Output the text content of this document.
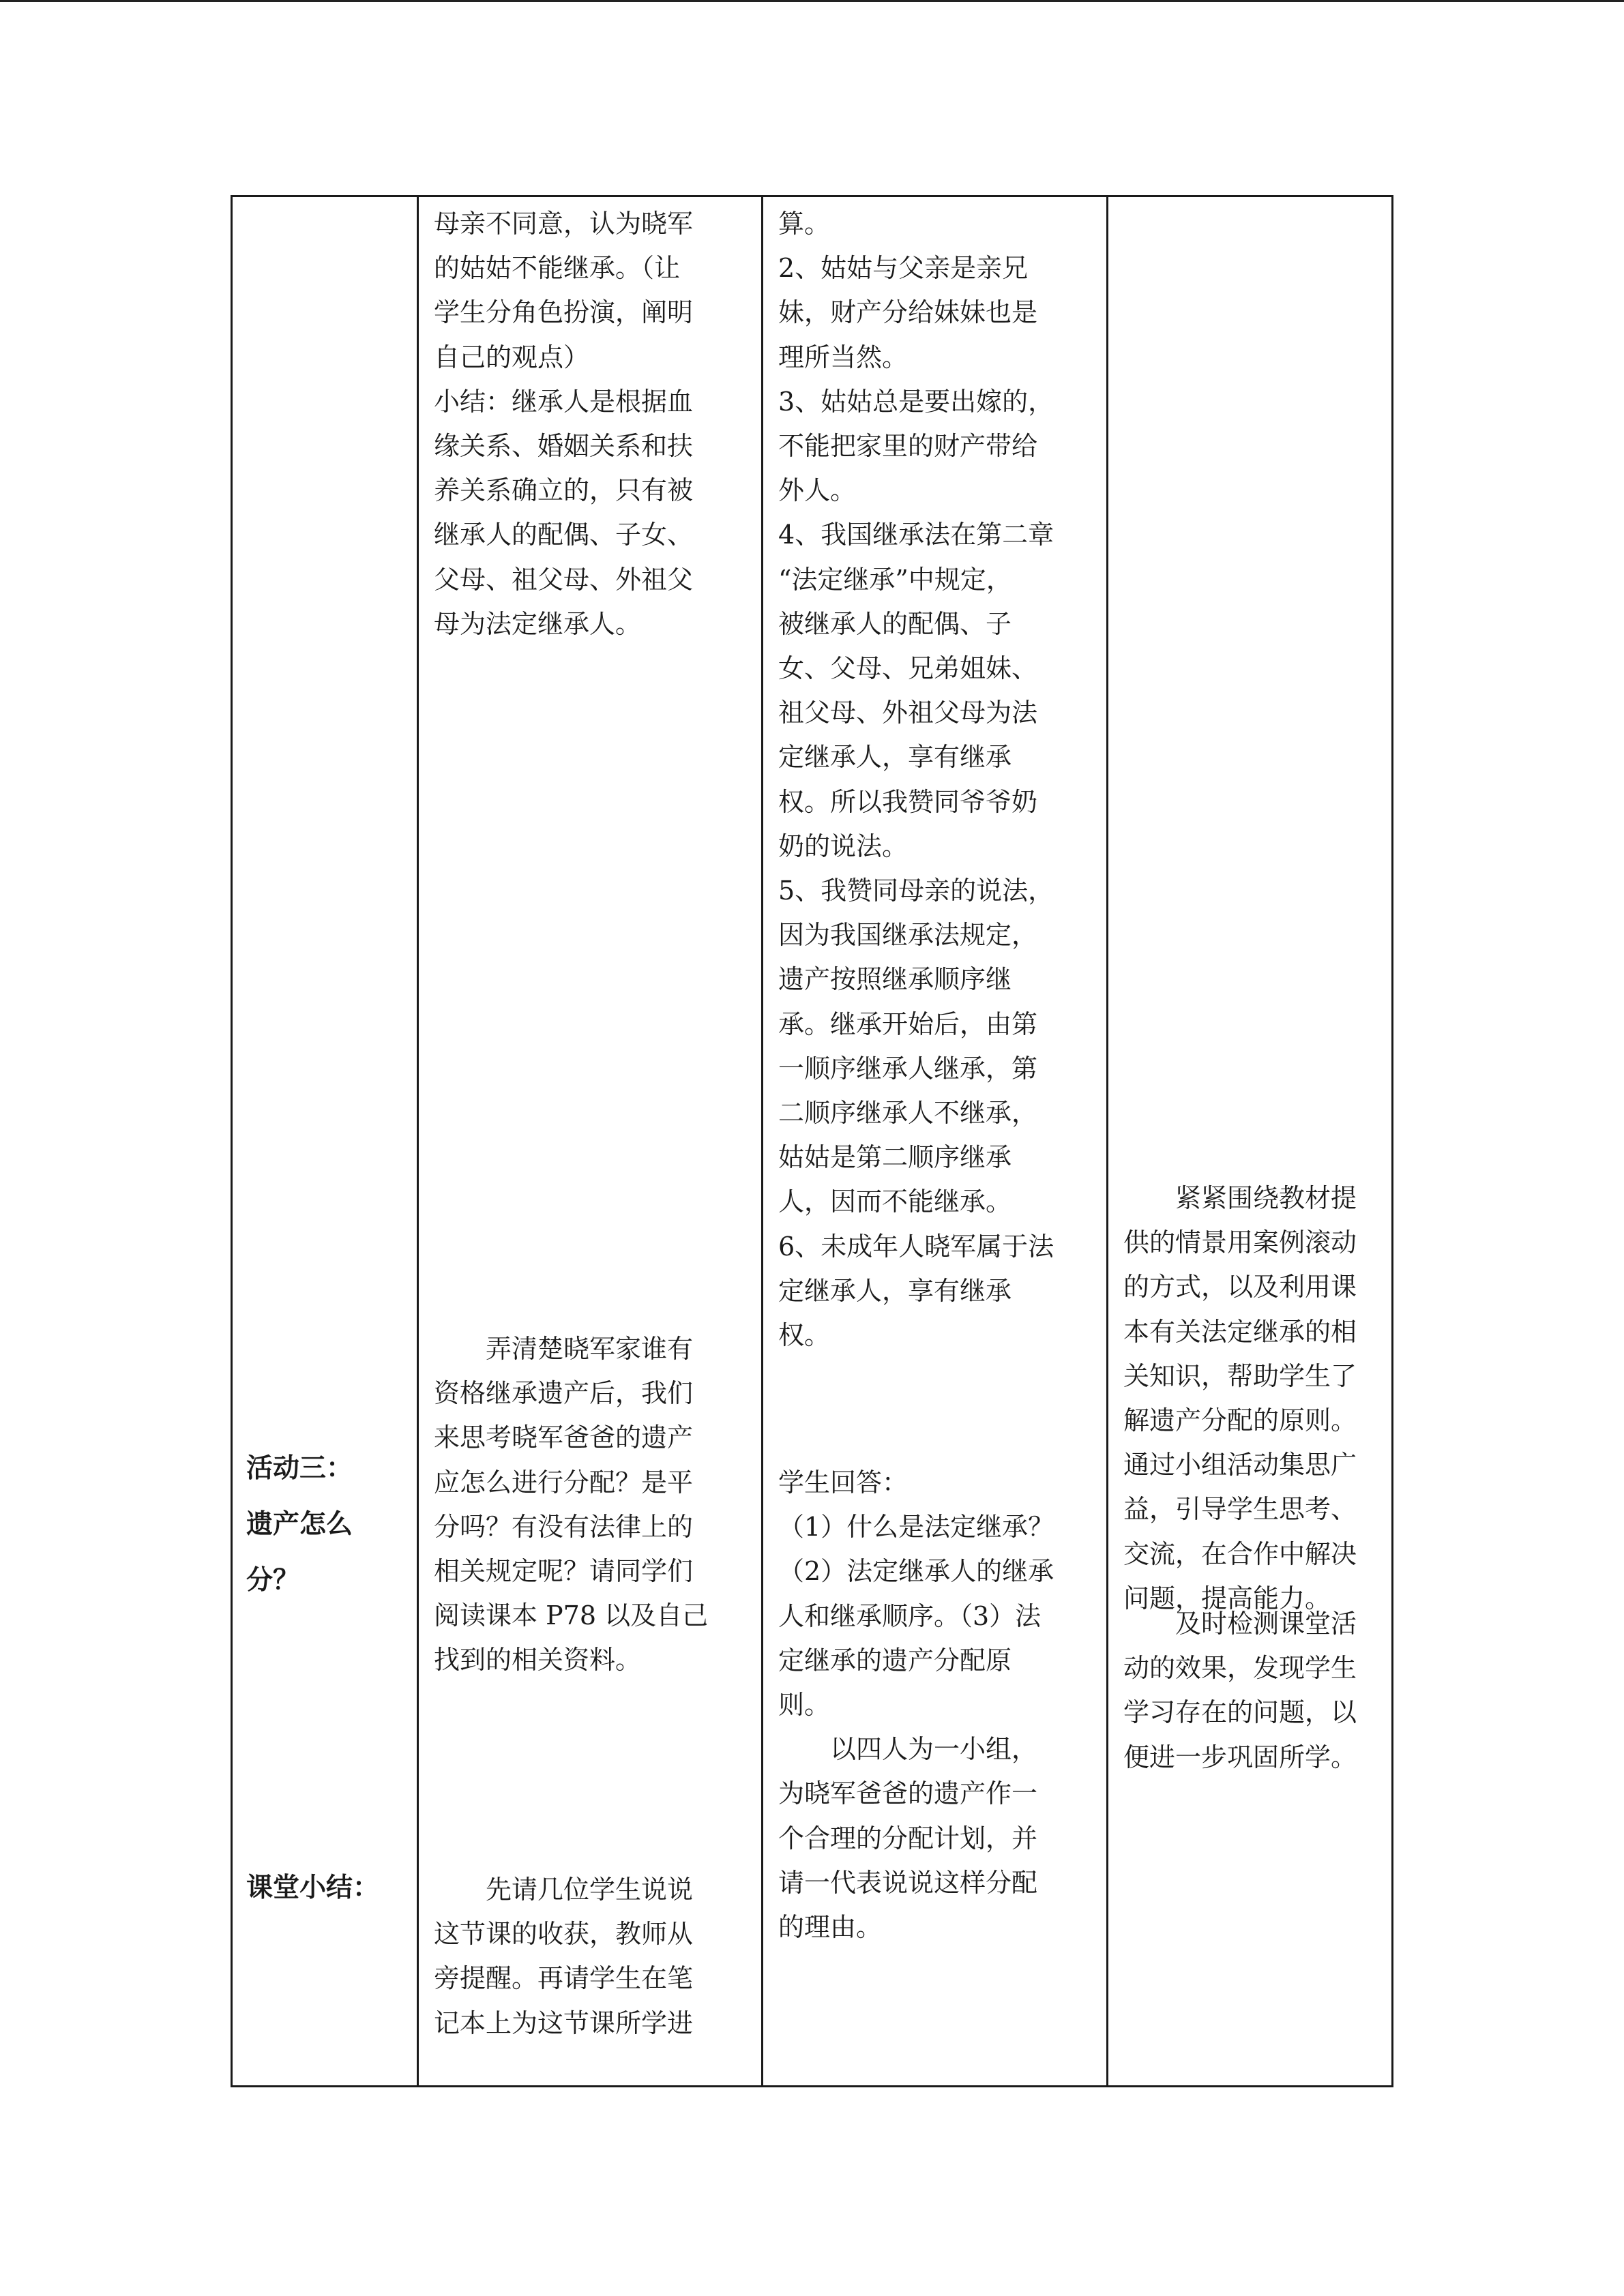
活动三：
遗产怎么
分？
课堂小结：
母亲不同意，认为晓军
的姑姑不能继承。（让
学生分角色扮演，阐明
自己的观点）
小结：继承人是根据血
缘关系、婚姻关系和扶
养关系确立的，只有被
继承人的配偶、子女、
父母、祖父母、外祖父
母为法定继承人。
　　弄清楚晓军家谁有
资格继承遗产后，我们
来思考晓军爸爸的遗产
应怎么进行分配？是平
分吗？有没有法律上的
相关规定呢？请同学们
阅读课本 P78 以及自己
找到的相关资料。
　　先请几位学生说说
这节课的收获，教师从
旁提醒。再请学生在笔
记本上为这节课所学进
算。
2、姑姑与父亲是亲兄
妹，财产分给妹妹也是
理所当然。
3、姑姑总是要出嫁的，
不能把家里的财产带给
外人。
4、我国继承法在第二章
“法定继承”中规定，
被继承人的配偶、子
女、父母、兄弟姐妹、
祖父母、外祖父母为法
定继承人，享有继承
权。所以我赞同爷爷奶
奶的说法。
5、我赞同母亲的说法，
因为我国继承法规定，
遗产按照继承顺序继
承。继承开始后，由第
一顺序继承人继承，第
二顺序继承人不继承，
姑姑是第二顺序继承
人，因而不能继承。
6、未成年人晓军属于法
定继承人，享有继承
权。
学生回答：
（1）什么是法定继承？
（2）法定继承人的继承
人和继承顺序。（3）法
定继承的遗产分配原
则。
　　以四人为一小组，
为晓军爸爸的遗产作一
个合理的分配计划，并
请一代表说说这样分配
的理由。
　　紧紧围绕教材提
供的情景用案例滚动
的方式，以及利用课
本有关法定继承的相
关知识，帮助学生了
解遗产分配的原则。
通过小组活动集思广
益，引导学生思考、
交流，在合作中解决
问题，提高能力。
　　及时检测课堂活
动的效果，发现学生
学习存在的问题，以
便进一步巩固所学。
